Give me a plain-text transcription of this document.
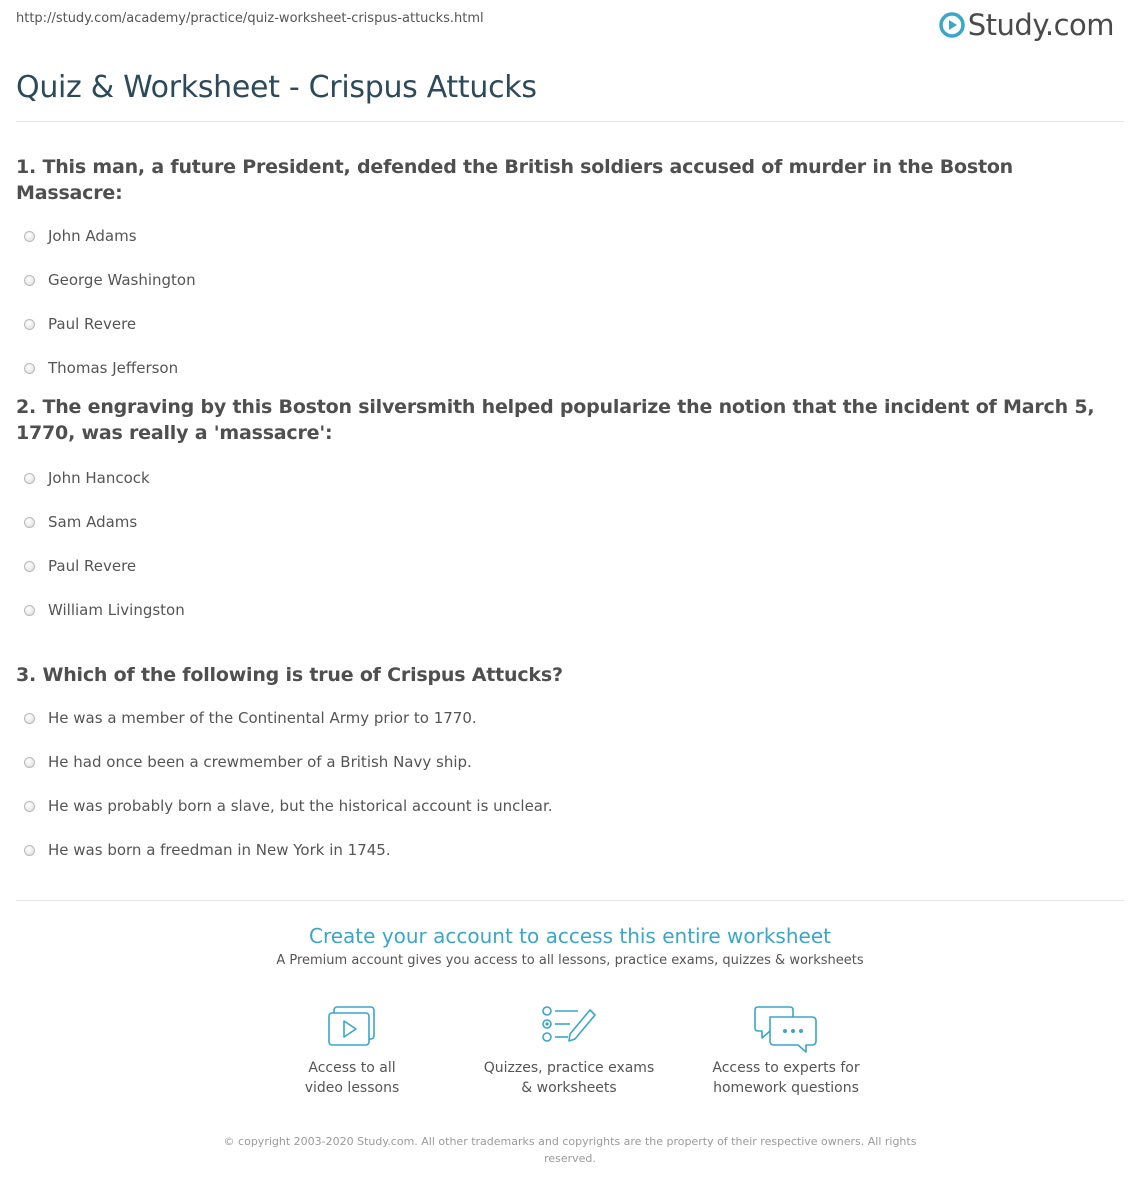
http://study.com/academy/practice/quiz-worksheet-crispus-attucks.html	Study.com
Quiz & Worksheet - Crispus Attucks

1. This man, a future President, defended the British soldiers accused of murder in the Boston Massacre:

John Adams
George Washington
Paul Revere
Thomas Jefferson

2. The engraving by this Boston silversmith helped popularize the notion that the incident of March 5, 1770, was really a 'massacre':

John Hancock
Sam Adams
Paul Revere
William Livingston

3. Which of the following is true of Crispus Attucks?

He was a member of the Continental Army prior to 1770.
He had once been a crewmember of a British Navy ship.
He was probably born a slave, but the historical account is unclear.
He was born a freedman in New York in 1745.

Create your account to access this entire worksheet

A Premium account gives you access to all lessons, practice exams, quizzes & worksheets

Access to all
video lessons
Quizzes, practice exams
& worksheets
Access to experts for
homework questions
© copyright 2003-2020 Study.com. All other trademarks and copyrights are the property of their respective owners. All rights
reserved.
